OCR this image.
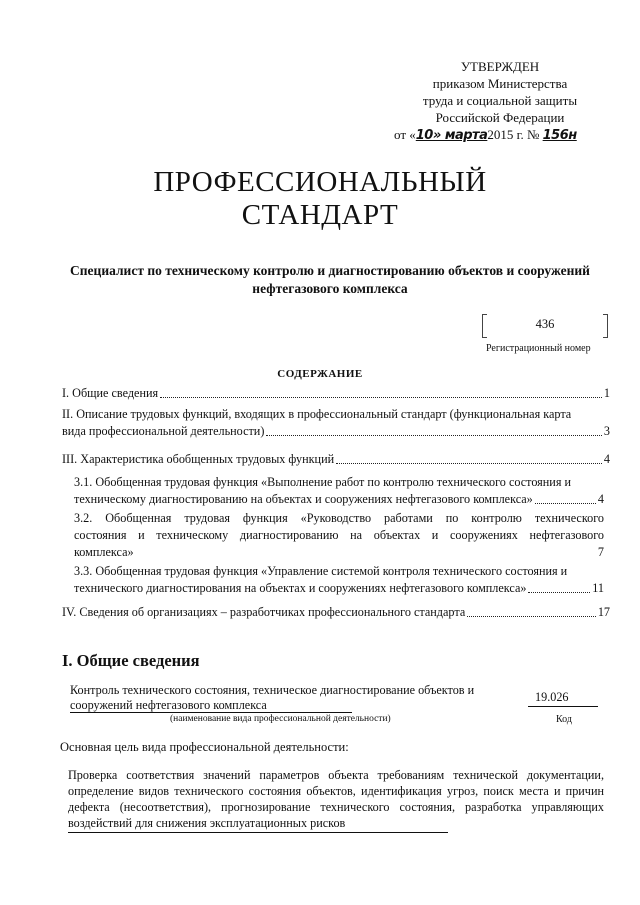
УТВЕРЖДЕН
приказом Министерства
труда и социальной защиты
Российской Федерации
от «10» марта2015 г. № 156н
ПРОФЕССИОНАЛЬНЫЙ
СТАНДАРТ
Специалист по техническому контролю и диагностированию объектов и сооружений нефтегазового комплекса
436
Регистрационный номер
СОДЕРЖАНИЕ
I. Общие сведения	1
II. Описание трудовых функций, входящих в профессиональный стандарт (функциональная карта
вида профессиональной деятельности)	3
III. Характеристика обобщенных трудовых функций	4
3.1. Обобщенная трудовая функция «Выполнение работ по контролю технического состояния и
техническому диагностированию на объектах и сооружениях нефтегазового комплекса»	4
3.2. Обобщенная трудовая функция «Руководство работами по контролю технического
состояния и техническому диагностированию на объектах и сооружениях нефтегазового
комплекса»	7
3.3. Обобщенная трудовая функция «Управление системой контроля технического состояния и
технического диагностирования на объектах и сооружениях нефтегазового комплекса»	11
IV. Сведения об организациях – разработчиках профессионального стандарта	17
I. Общие сведения
Контроль технического состояния, техническое диагностирование объектов и
сооружений нефтегазового комплекса
(наименование вида профессиональной деятельности)
19.026
Код
Основная цель вида профессиональной деятельности:
Проверка соответствия значений параметров объекта требованиям технической документации, определение видов технического состояния объектов, идентификация угроз, поиск места и причин дефекта (несоответствия), прогнозирование технического состояния, разработка управляющих воздействий для снижения эксплуатационных рисков
